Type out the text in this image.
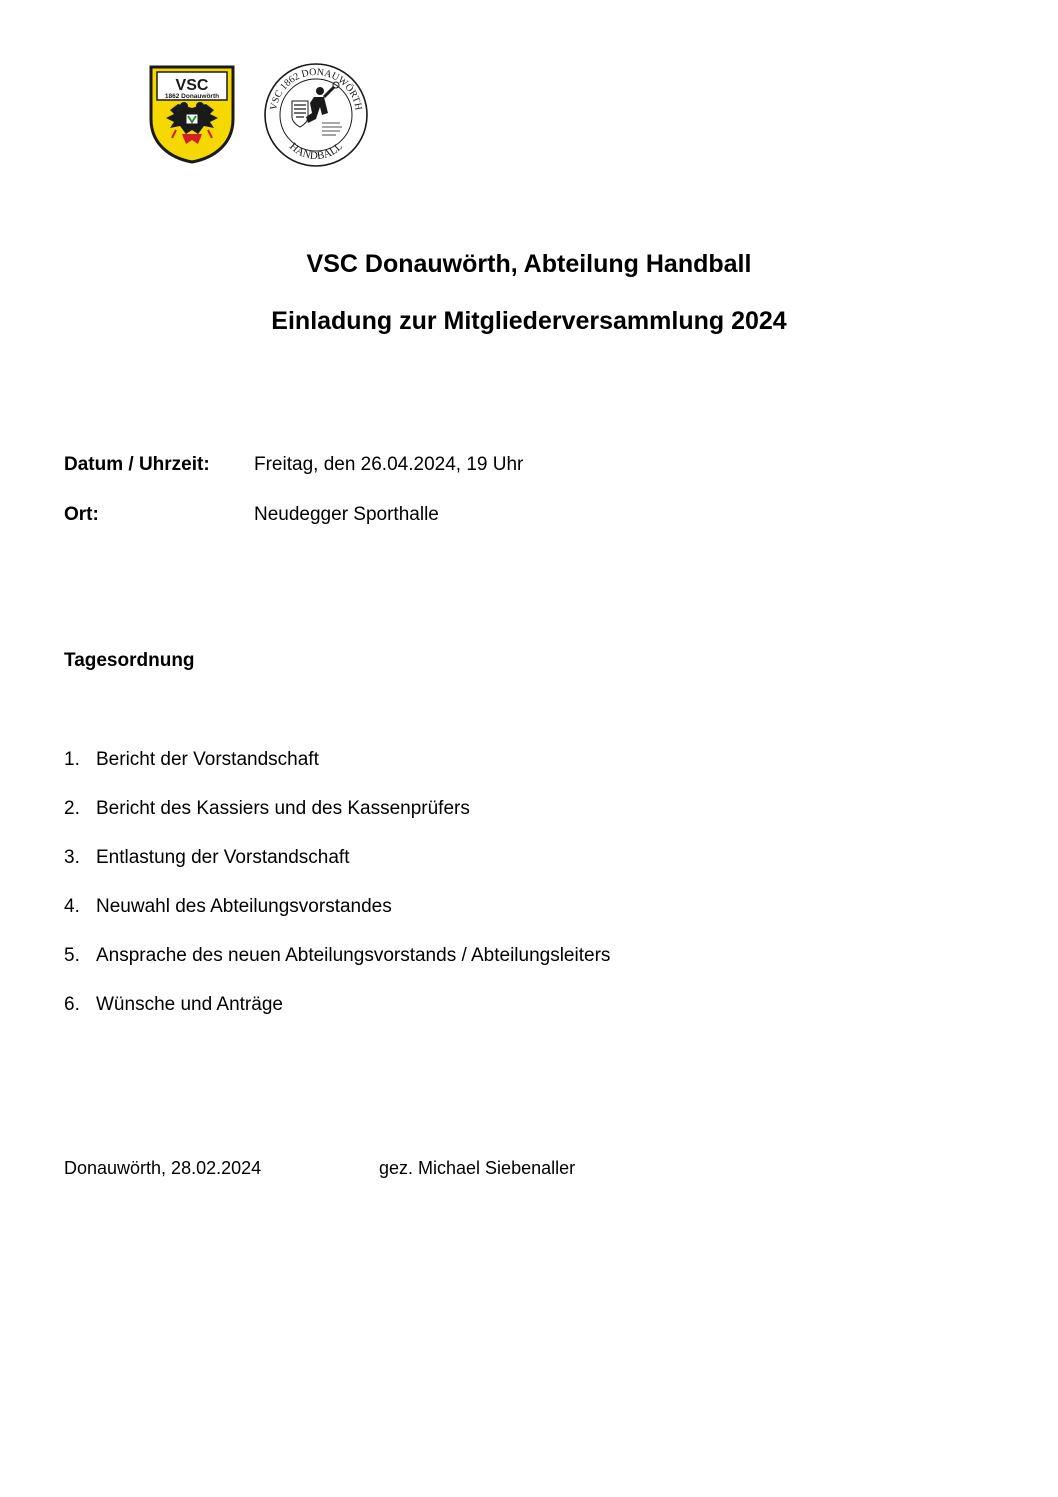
VSC
1862 Donauwörth
VSC 1862 DONAUWÖRTH
HANDBALL
VSC Donauwörth, Abteilung Handball
Einladung zur Mitgliederversammlung 2024
Datum / Uhrzeit: Freitag, den 26.04.2024, 19 Uhr
Ort:	Neudegger Sporthalle
Tagesordnung
1. Bericht der Vorstandschaft
2. Bericht des Kassiers und des Kassenprüfers
3. Entlastung der Vorstandschaft
4. Neuwahl des Abteilungsvorstandes
5. Ansprache des neuen Abteilungsvorstands / Abteilungsleiters
6. Wünsche und Anträge
Donauwörth, 28.02.2024	gez. Michael Siebenaller
